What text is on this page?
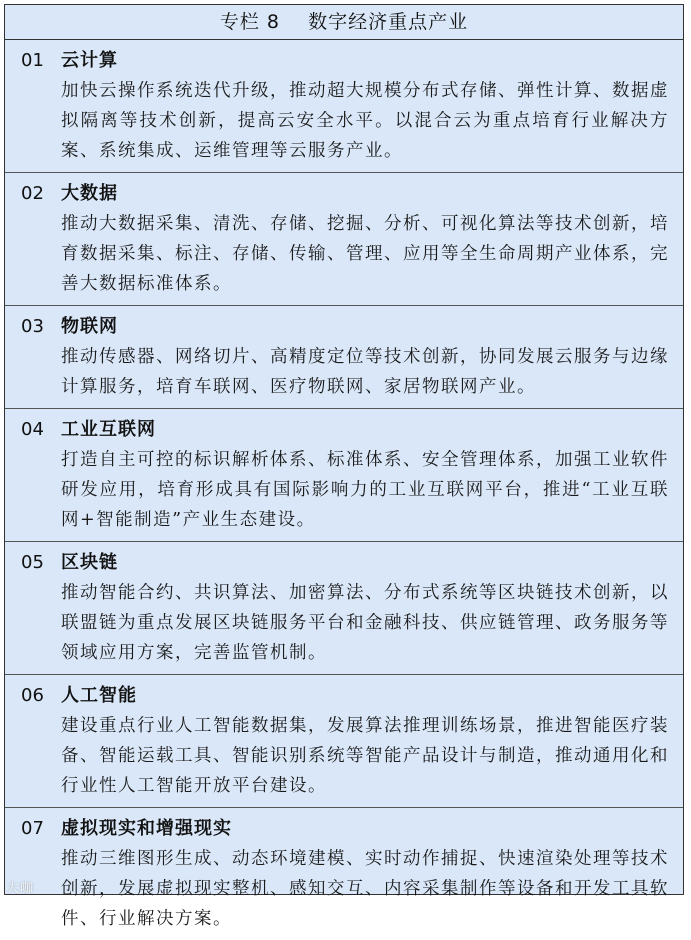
专栏 8    数字经济重点产业
01 云计算
加快云操作系统迭代升级，推动超大规模分布式存储、弹性计算、数据虚拟隔离等技术创新，提高云安全水平。以混合云为重点培育行业解决方案、系统集成、运维管理等云服务产业。
02 大数据
推动大数据采集、清洗、存储、挖掘、分析、可视化算法等技术创新，培育数据采集、标注、存储、传输、管理、应用等全生命周期产业体系，完善大数据标准体系。
03 物联网
推动传感器、网络切片、高精度定位等技术创新，协同发展云服务与边缘计算服务，培育车联网、医疗物联网、家居物联网产业。
04 工业互联网
打造自主可控的标识解析体系、标准体系、安全管理体系，加强工业软件研发应用，培育形成具有国际影响力的工业互联网平台，推进“工业互联网+智能制造”产业生态建设。
05 区块链
推动智能合约、共识算法、加密算法、分布式系统等区块链技术创新，以联盟链为重点发展区块链服务平台和金融科技、供应链管理、政务服务等领域应用方案，完善监管机制。
06 人工智能
建设重点行业人工智能数据集，发展算法推理训练场景，推进智能医疗装备、智能运载工具、智能识别系统等智能产品设计与制造，推动通用化和行业性人工智能开放平台建设。
07 虚拟现实和增强现实
推动三维图形生成、动态环境建模、实时动作捕捉、快速渲染处理等技术创新，发展虚拟现实整机、感知交互、内容采集制作等设备和开发工具软件、行业解决方案。
大咖
